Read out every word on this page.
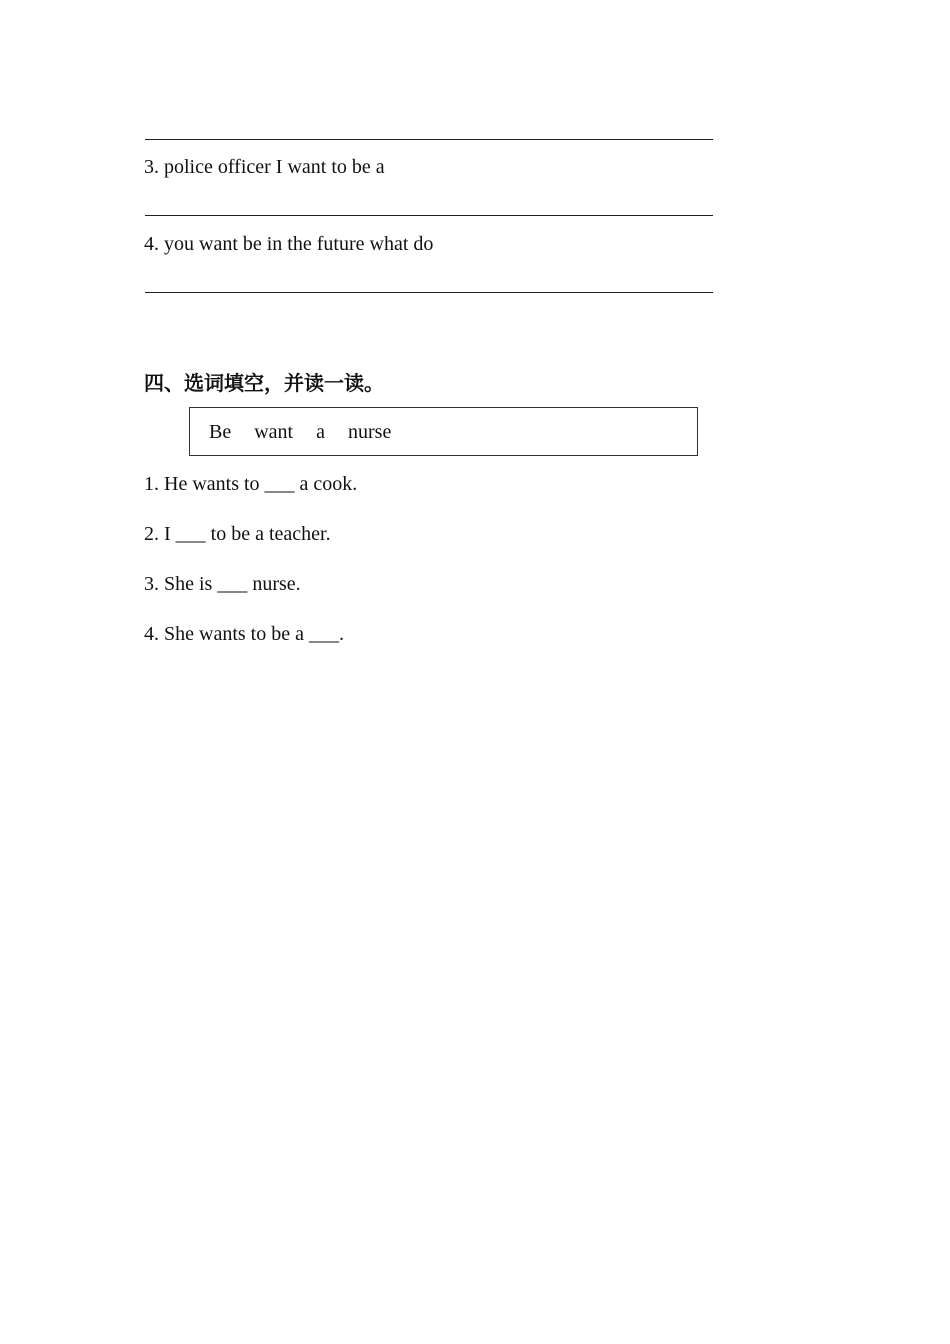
3. police officer I want to be a
4. you want be in the future what do
四、选词填空，并读一读。
Be want a nurse
1. He wants to ___ a cook.
2. I ___ to be a teacher.
3. She is ___ nurse.
4. She wants to be a ___.
